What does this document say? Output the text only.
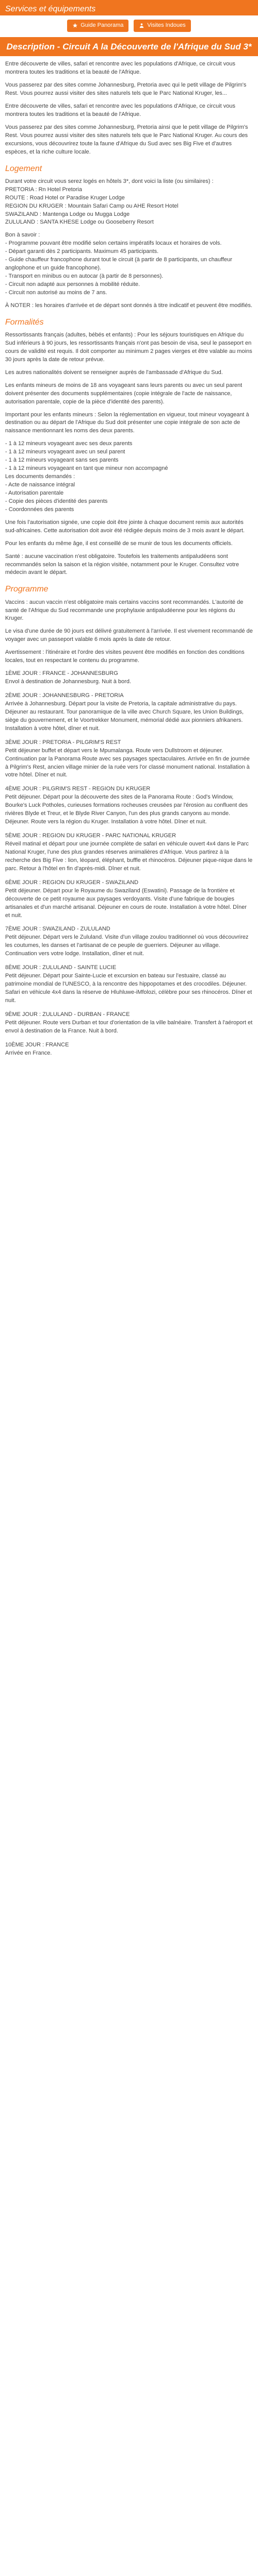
Services et équipements
Guide Panorama	Visites Indoues
Description - Circuit A la Découverte de l'Afrique du Sud 3*

Entre découverte de villes, safari et rencontre avec les populations d'Afrique, ce circuit vous montrera toutes les traditions et la beauté de l'Afrique.

Vous passerez par des sites comme Johannesburg, Pretoria avec qui le petit village de Pilgrim's Rest. Vous pourrez aussi visiter des sites naturels tels que le Parc National Kruger, les...

Entre découverte de villes, safari et rencontre avec les populations d'Afrique, ce circuit vous montrera toutes les traditions et la beauté de l'Afrique.

Vous passerez par des sites comme Johannesburg, Pretoria ainsi que le petit village de Pilgrim's Rest. Vous pourrez aussi visiter des sites naturels tels que le Parc National Kruger. Au cours des excursions, vous découvrirez toute la faune d'Afrique du Sud avec ses Big Five et d'autres espèces, et la riche culture locale.

Logement
Durant votre circuit vous serez logés en hôtels 3*, dont voici la liste (ou similaires) :
PRETORIA : Rn Hotel Pretoria
ROUTE : Road Hotel or Paradise Kruger Lodge
REGION DU KRUGER : Mountain Safari Camp ou AHE Resort Hotel
SWAZILAND : Mantenga Lodge ou Mugga Lodge
ZULULAND : SANTA KHESE Lodge ou Gooseberry Resort
Bon à savoir :
- Programme pouvant être modifié selon certains impératifs locaux et horaires de vols.
- Départ garanti dès 2 participants. Maximum 45 participants.
- Guide chauffeur francophone durant tout le circuit (à partir de 8 participants, un chauffeur anglophone et un guide francophone).
- Transport en minibus ou en autocar (à partir de 8 personnes).
- Circuit non adapté aux personnes à mobilité réduite.
- Circuit non autorisé au moins de 7 ans.

À NOTER : les horaires d'arrivée et de départ sont donnés à titre indicatif et peuvent être modifiés.

Formalités

Ressortissants français (adultes, bébés et enfants) : Pour les séjours touristiques en Afrique du Sud inférieurs à 90 jours, les ressortissants français n'ont pas besoin de visa, seul le passeport en cours de validité est requis. Il doit comporter au minimum 2 pages vierges et être valable au moins 30 jours après la date de retour prévue.

Les autres nationalités doivent se renseigner auprès de l'ambassade d'Afrique du Sud.

Les enfants mineurs de moins de 18 ans voyageant sans leurs parents ou avec un seul parent doivent présenter des documents supplémentaires (copie intégrale de l'acte de naissance, autorisation parentale, copie de la pièce d'identité des parents).

Important pour les enfants mineurs : Selon la réglementation en vigueur, tout mineur voyageant à destination ou au départ de l'Afrique du Sud doit présenter une copie intégrale de son acte de naissance mentionnant les noms des deux parents.

- 1 à 12 mineurs voyageant avec ses deux parents
- 1 à 12 mineurs voyageant avec un seul parent
- 1 à 12 mineurs voyageant sans ses parents
- 1 à 12 mineurs voyageant en tant que mineur non accompagné
Les documents demandés :
- Acte de naissance intégral
- Autorisation parentale
- Copie des pièces d'identité des parents
- Coordonnées des parents

Une fois l'autorisation signée, une copie doit être jointe à chaque document remis aux autorités sud-africaines. Cette autorisation doit avoir été rédigée depuis moins de 3 mois avant le départ.

Pour les enfants du même âge, il est conseillé de se munir de tous les documents officiels.

Santé : aucune vaccination n'est obligatoire. Toutefois les traitements antipaludéens sont recommandés selon la saison et la région visitée, notamment pour le Kruger. Consultez votre médecin avant le départ.

Programme

Vaccins : aucun vaccin n'est obligatoire mais certains vaccins sont recommandés. L'autorité de santé de l'Afrique du Sud recommande une prophylaxie antipaludéenne pour les régions du Kruger.

Le visa d'une durée de 90 jours est délivré gratuitement à l'arrivée. Il est vivement recommandé de voyager avec un passeport valable 6 mois après la date de retour.

Avertissement : l'itinéraire et l'ordre des visites peuvent être modifiés en fonction des conditions locales, tout en respectant le contenu du programme.

1ÈME JOUR : FRANCE - JOHANNESBURG
Envol à destination de Johannesburg. Nuit à bord.
2ÈME JOUR : JOHANNESBURG - PRETORIA
Arrivée à Johannesburg. Départ pour la visite de Pretoria, la capitale administrative du pays. Déjeuner au restaurant. Tour panoramique de la ville avec Church Square, les Union Buildings, siège du gouvernement, et le Voortrekker Monument, mémorial dédié aux pionniers afrikaners. Installation à votre hôtel, dîner et nuit.
3ÈME JOUR : PRETORIA - PILGRIM'S REST
Petit déjeuner buffet et départ vers le Mpumalanga. Route vers Dullstroom et déjeuner. Continuation par la Panorama Route avec ses paysages spectaculaires. Arrivée en fin de journée à Pilgrim's Rest, ancien village minier de la ruée vers l'or classé monument national. Installation à votre hôtel. Dîner et nuit.
4ÈME JOUR : PILGRIM'S REST - REGION DU KRUGER
Petit déjeuner. Départ pour la découverte des sites de la Panorama Route : God's Window, Bourke's Luck Potholes, curieuses formations rocheuses creusées par l'érosion au confluent des rivières Blyde et Treur, et le Blyde River Canyon, l'un des plus grands canyons au monde. Déjeuner. Route vers la région du Kruger. Installation à votre hôtel. Dîner et nuit.
5ÈME JOUR : REGION DU KRUGER - PARC NATIONAL KRUGER
Réveil matinal et départ pour une journée complète de safari en véhicule ouvert 4x4 dans le Parc National Kruger, l'une des plus grandes réserves animalières d'Afrique. Vous partirez à la recherche des Big Five : lion, léopard, éléphant, buffle et rhinocéros. Déjeuner pique-nique dans le parc. Retour à l'hôtel en fin d'après-midi. Dîner et nuit.
6ÈME JOUR : REGION DU KRUGER - SWAZILAND
Petit déjeuner. Départ pour le Royaume du Swaziland (Eswatini). Passage de la frontière et découverte de ce petit royaume aux paysages verdoyants. Visite d'une fabrique de bougies artisanales et d'un marché artisanal. Déjeuner en cours de route. Installation à votre hôtel. Dîner et nuit.
7ÈME JOUR : SWAZILAND - ZULULAND
Petit déjeuner. Départ vers le Zululand. Visite d'un village zoulou traditionnel où vous découvrirez les coutumes, les danses et l'artisanat de ce peuple de guerriers. Déjeuner au village. Continuation vers votre lodge. Installation, dîner et nuit.
8ÈME JOUR : ZULULAND - SAINTE LUCIE
Petit déjeuner. Départ pour Sainte-Lucie et excursion en bateau sur l'estuaire, classé au patrimoine mondial de l'UNESCO, à la rencontre des hippopotames et des crocodiles. Déjeuner. Safari en véhicule 4x4 dans la réserve de Hluhluwe-iMfolozi, célèbre pour ses rhinocéros. Dîner et nuit.
9ÈME JOUR : ZULULAND - DURBAN - FRANCE
Petit déjeuner. Route vers Durban et tour d'orientation de la ville balnéaire. Transfert à l'aéroport et envol à destination de la France. Nuit à bord.
10ÈME JOUR : FRANCE
Arrivée en France.
